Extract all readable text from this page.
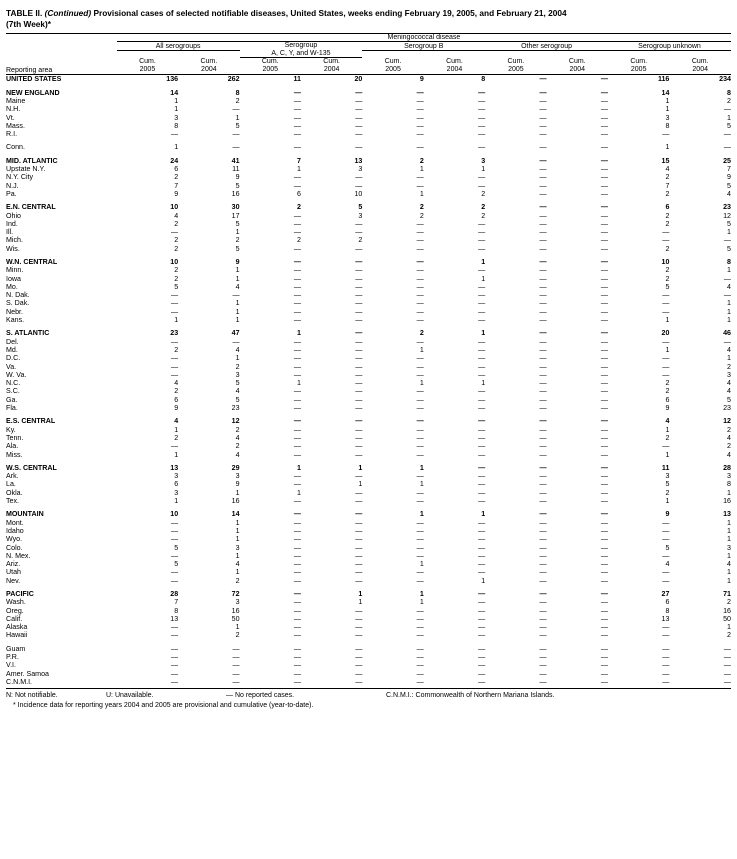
TABLE II. (Continued) Provisional cases of selected notifiable diseases, United States, weeks ending February 19, 2005, and February 21, 2004
(7th Week)*
	Meningococcal disease									
	All serogroups		Serogroup		Serogroup B		Other serogroup		Serogroup unknown	
			A, C, Y, and W-135							
	Cum.	Cum.	Cum.	Cum.	Cum.	Cum.	Cum.	Cum.	Cum.	Cum.
Reporting area	2005	2004	2005	2004	2005	2004	2005	2004	2005	2004
UNITED STATES	136	262	11	20	9	8	—	—	116	234

NEW ENGLAND	14	8	—	—	—	—	—	—	14	8
Maine	1	2	—	—	—	—	—	—	1	2
N.H.	1	—	—	—	—	—	—	—	1	—
Vt.	3	1	—	—	—	—	—	—	3	1
Mass.	8	5	—	—	—	—	—	—	8	5
R.I.	—	—	—	—	—	—	—	—	—	—

Conn.	1	—	—	—	—	—	—	—	1	—

MID. ATLANTIC	24	41	7	13	2	3	—	—	15	25
Upstate N.Y.	6	11	1	3	1	1	—	—	4	7
N.Y. City	2	9	—	—	—	—	—	—	2	9
N.J.	7	5	—	—	—	—	—	—	7	5
Pa.	9	16	6	10	1	2	—	—	2	4

E.N. CENTRAL	10	30	2	5	2	2	—	—	6	23
Ohio	4	17	—	3	2	2	—	—	2	12
Ind.	2	5	—	—	—	—	—	—	2	5
Ill.	—	1	—	—	—	—	—	—	—	1
Mich.	2	2	2	2	—	—	—	—	—	—
Wis.	2	5	—	—	—	—	—	—	2	5

W.N. CENTRAL	10	9	—	—	—	1	—	—	10	8
Minn.	2	1	—	—	—	—	—	—	2	1
Iowa	2	1	—	—	—	1	—	—	2	—
Mo.	5	4	—	—	—	—	—	—	5	4
N. Dak.	—	—	—	—	—	—	—	—	—	—
S. Dak.	—	1	—	—	—	—	—	—	—	1
Nebr.	—	1	—	—	—	—	—	—	—	1
Kans.	1	1	—	—	—	—	—	—	1	1

S. ATLANTIC	23	47	1	—	2	1	—	—	20	46
Del.	—	—	—	—	—	—	—	—	—	—
Md.	2	4	—	—	1	—	—	—	1	4
D.C.	—	1	—	—	—	—	—	—	—	1
Va.	—	2	—	—	—	—	—	—	—	2
W. Va.	—	3	—	—	—	—	—	—	—	3
N.C.	4	5	1	—	1	1	—	—	2	4
S.C.	2	4	—	—	—	—	—	—	2	4
Ga.	6	5	—	—	—	—	—	—	6	5
Fla.	9	23	—	—	—	—	—	—	9	23

E.S. CENTRAL	4	12	—	—	—	—	—	—	4	12
Ky.	1	2	—	—	—	—	—	—	1	2
Tenn.	2	4	—	—	—	—	—	—	2	4
Ala.	—	2	—	—	—	—	—	—	—	2
Miss.	1	4	—	—	—	—	—	—	1	4

W.S. CENTRAL	13	29	1	1	1	—	—	—	11	28
Ark.	3	3	—	—	—	—	—	—	3	3
La.	6	9	—	1	1	—	—	—	5	8
Okla.	3	1	1	—	—	—	—	—	2	1
Tex.	1	16	—	—	—	—	—	—	1	16

MOUNTAIN	10	14	—	—	1	1	—	—	9	13
Mont.	—	1	—	—	—	—	—	—	—	1
Idaho	—	1	—	—	—	—	—	—	—	1
Wyo.	—	1	—	—	—	—	—	—	—	1
Colo.	5	3	—	—	—	—	—	—	5	3
N. Mex.	—	1	—	—	—	—	—	—	—	1
Ariz.	5	4	—	—	1	—	—	—	4	4
Utah	—	1	—	—	—	—	—	—	—	1
Nev.	—	2	—	—	—	1	—	—	—	1

PACIFIC	28	72	—	1	1	—	—	—	27	71
Wash.	7	3	—	1	1	—	—	—	6	2
Oreg.	8	16	—	—	—	—	—	—	8	16
Calif.	13	50	—	—	—	—	—	—	13	50
Alaska	—	1	—	—	—	—	—	—	—	1
Hawaii	—	2	—	—	—	—	—	—	—	2

Guam	—	—	—	—	—	—	—	—	—	—
P.R.	—	—	—	—	—	—	—	—	—	—
V.I.	—	—	—	—	—	—	—	—	—	—
Amer. Samoa	—	—	—	—	—	—	—	—	—	—
C.N.M.I.	—	—	—	—	—	—	—	—	—	—

N: Not notifiable.	U: Unavailable.	— No reported cases.	C.N.M.I.: Commonwealth of Northern Mariana Islands.
* Incidence data for reporting years 2004 and 2005 are provisional and cumulative (year-to-date).
